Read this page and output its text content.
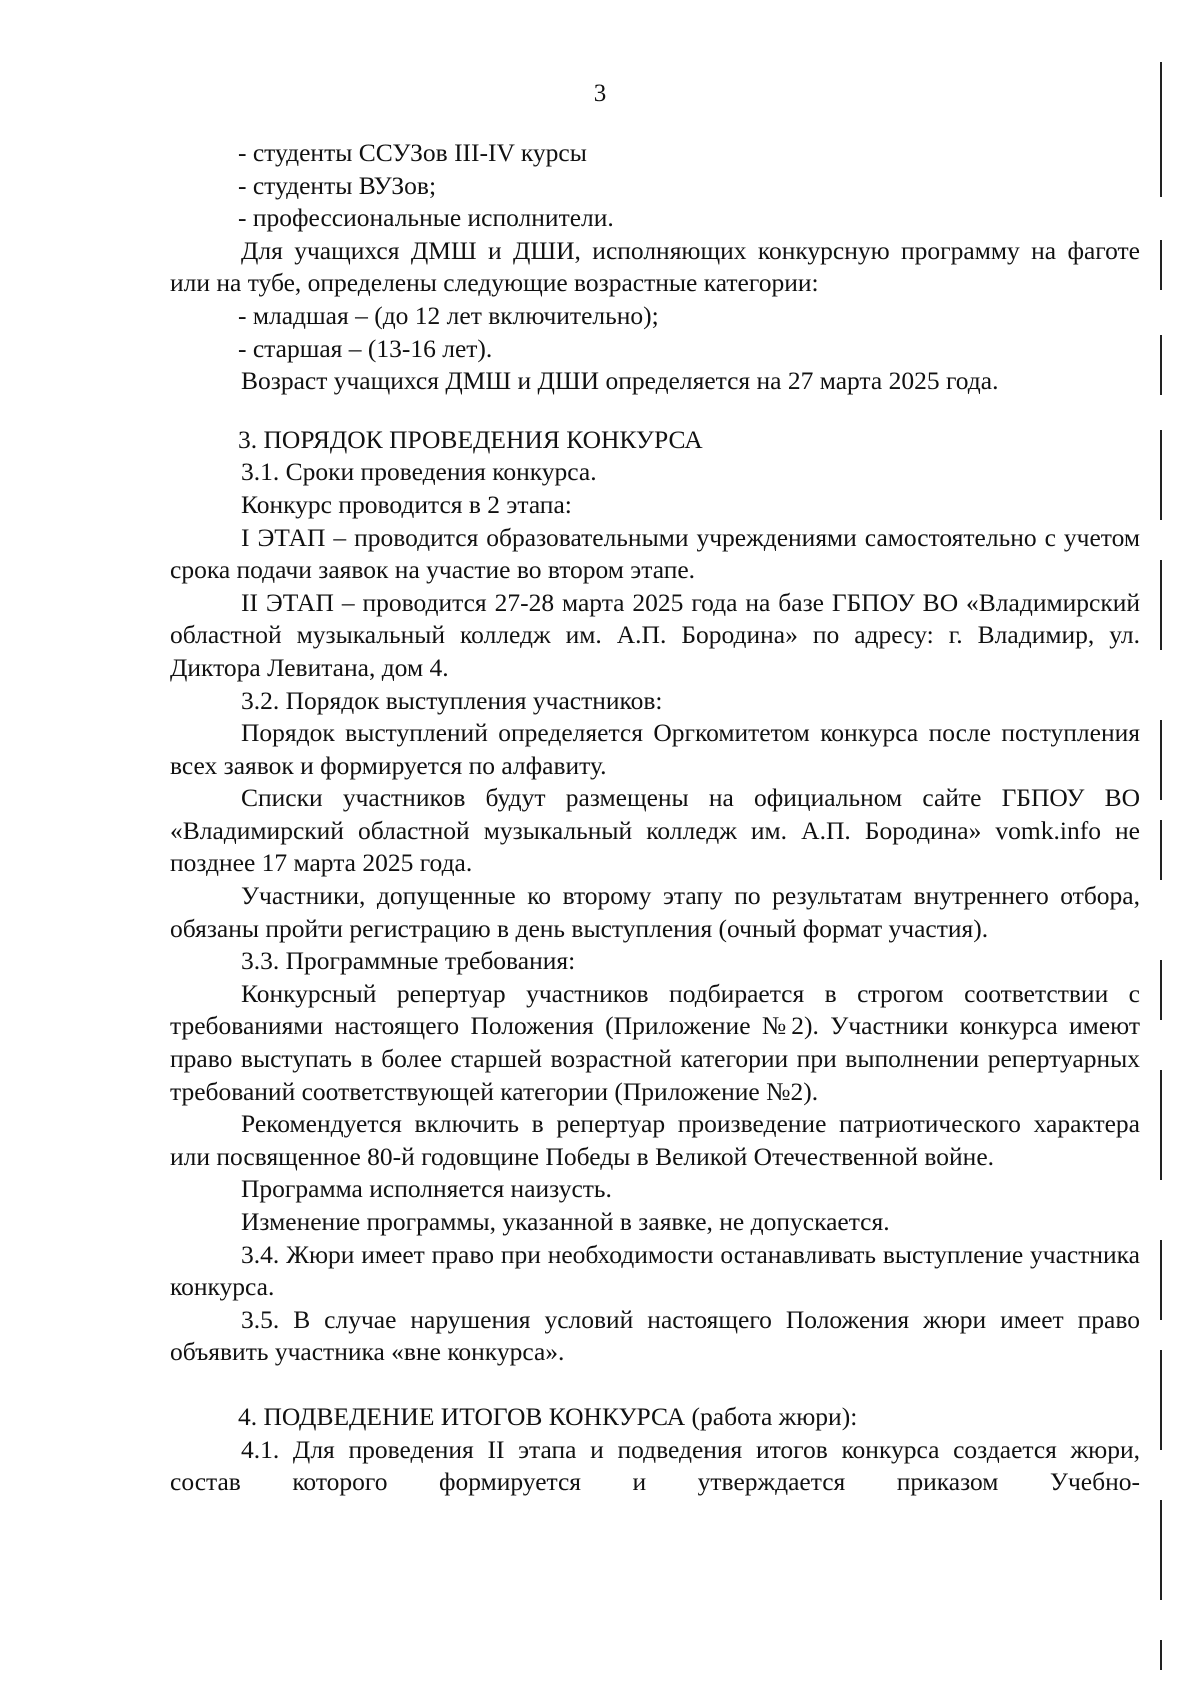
3

- студенты ССУЗов III-IV курсы

- студенты ВУЗов;

- профессиональные исполнители.

Для учащихся ДМШ и ДШИ, исполняющих конкурсную программу на фаготе или на тубе, определены следующие возрастные категории:

- младшая – (до 12 лет включительно);

- старшая – (13-16 лет).

Возраст учащихся ДМШ и ДШИ определяется на 27 марта 2025 года.

3. ПОРЯДОК ПРОВЕДЕНИЯ КОНКУРСА

3.1. Сроки проведения конкурса.

Конкурс проводится в 2 этапа:

I ЭТАП – проводится образовательными учреждениями самостоятельно с учетом срока подачи заявок на участие во втором этапе.

II ЭТАП – проводится 27-28 марта 2025 года на базе ГБПОУ ВО «Владимирский областной музыкальный колледж им. А.П. Бородина» по адресу: г. Владимир, ул. Диктора Левитана, дом 4.

3.2. Порядок выступления участников:

Порядок выступлений определяется Оргкомитетом конкурса после поступления всех заявок и формируется по алфавиту.

Списки участников будут размещены на официальном сайте ГБПОУ ВО «Владимирский областной музыкальный колледж им. А.П. Бородина» vomk.info не позднее 17 марта 2025 года.

Участники, допущенные ко второму этапу по результатам внутреннего отбора, обязаны пройти регистрацию в день выступления (очный формат участия).

3.3. Программные требования:

Конкурсный репертуар участников подбирается в строгом соответствии с требованиями настоящего Положения (Приложение №2). Участники конкурса имеют право выступать в более старшей возрастной категории при выполнении репертуарных требований соответствующей категории (Приложение №2).

Рекомендуется включить в репертуар произведение патриотического характера или посвященное 80-й годовщине Победы в Великой Отечественной войне.

Программа исполняется наизусть.

Изменение программы, указанной в заявке, не допускается.

3.4. Жюри имеет право при необходимости останавливать выступление участника конкурса.

3.5. В случае нарушения условий настоящего Положения жюри имеет право объявить участника «вне конкурса».

4. ПОДВЕДЕНИЕ ИТОГОВ КОНКУРСА (работа жюри):

4.1. Для проведения II этапа и подведения итогов конкурса создается жюри, состав которого формируется и утверждается приказом Учебно-
